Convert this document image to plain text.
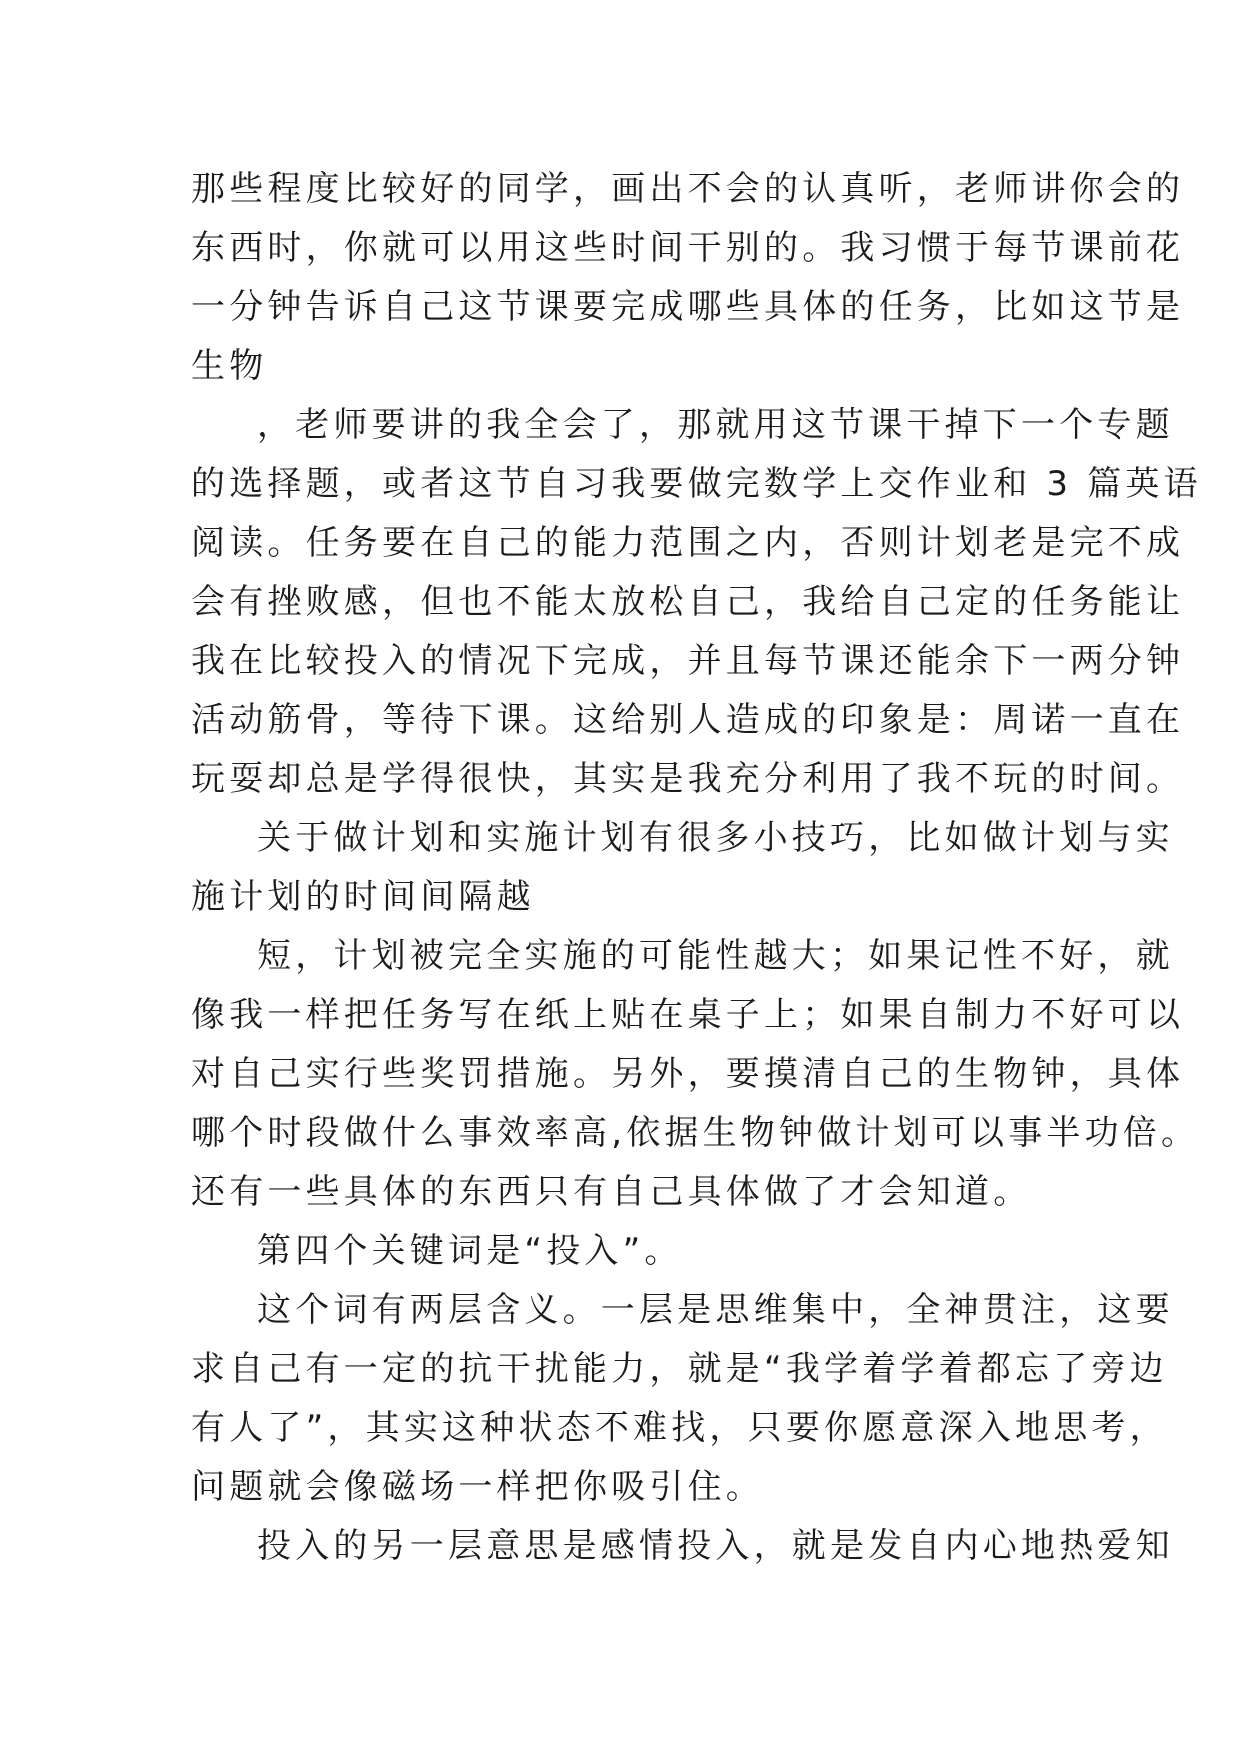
那些程度比较好的同学，画出不会的认真听，老师讲你会的
东西时，你就可以用这些时间干别的。我习惯于每节课前花
一分钟告诉自己这节课要完成哪些具体的任务，比如这节是
生物
，老师要讲的我全会了，那就用这节课干掉下一个专题
的选择题，或者这节自习我要做完数学上交作业和 3 篇英语
阅读。任务要在自己的能力范围之内，否则计划老是完不成
会有挫败感，但也不能太放松自己，我给自己定的任务能让
我在比较投入的情况下完成，并且每节课还能余下一两分钟
活动筋骨，等待下课。这给别人造成的印象是：周诺一直在
玩耍却总是学得很快，其实是我充分利用了我不玩的时间。
关于做计划和实施计划有很多小技巧，比如做计划与实
施计划的时间间隔越
短，计划被完全实施的可能性越大；如果记性不好，就
像我一样把任务写在纸上贴在桌子上；如果自制力不好可以
对自己实行些奖罚措施。另外，要摸清自己的生物钟，具体
哪个时段做什么事效率高,依据生物钟做计划可以事半功倍。
还有一些具体的东西只有自己具体做了才会知道。
第四个关键词是“投入”。
这个词有两层含义。一层是思维集中，全神贯注，这要
求自己有一定的抗干扰能力，就是“我学着学着都忘了旁边
有人了”，其实这种状态不难找，只要你愿意深入地思考，
问题就会像磁场一样把你吸引住。
投入的另一层意思是感情投入，就是发自内心地热爱知
